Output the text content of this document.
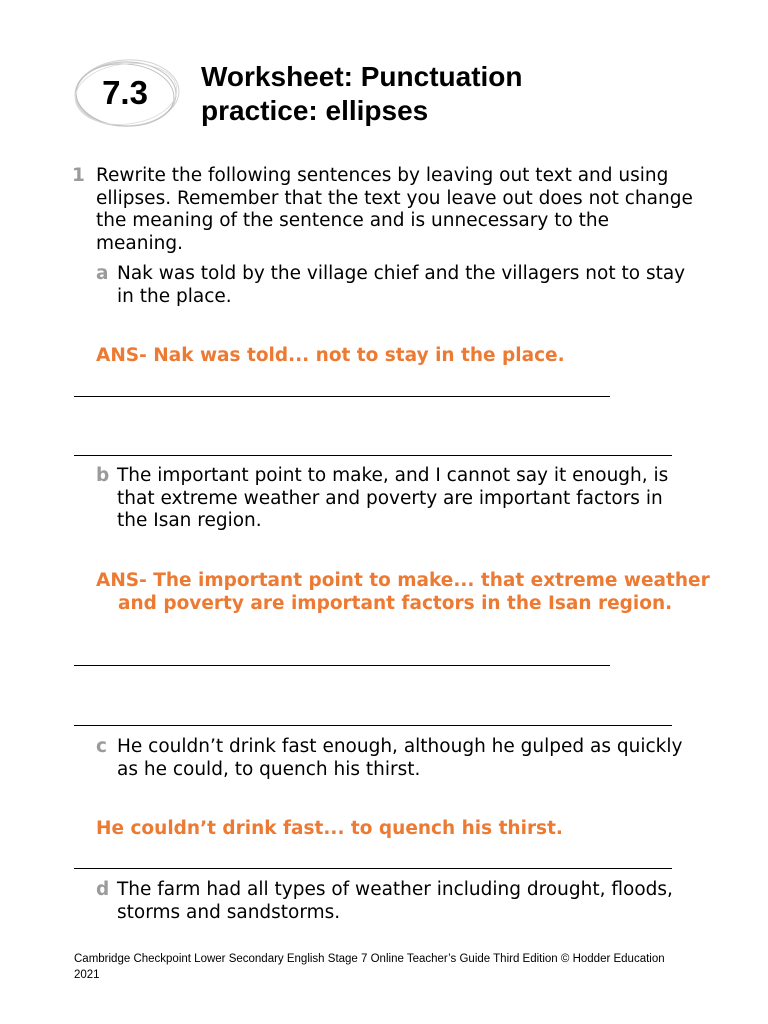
7.3	Worksheet: Punctuation
practice: ellipses
1 Rewrite the following sentences by leaving out text and using ellipses. Remember that the text you leave out does not change the meaning of the sentence and is unnecessary to the meaning.
a Nak was told by the village chief and the villagers not to stay in the place.
ANS- Nak was told... not to stay in the place.
b The important point to make, and I cannot say it enough, is that extreme weather and poverty are important factors in the Isan region.
ANS- The important point to make... that extreme weather and poverty are important factors in the Isan region.
c He couldn’t drink fast enough, although he gulped as quickly as he could, to quench his thirst.
He couldn’t drink fast... to quench his thirst.
d The farm had all types of weather including drought, floods, storms and sandstorms.
Cambridge Checkpoint Lower Secondary English Stage 7 Online Teacher’s Guide Third Edition © Hodder Education 2021
